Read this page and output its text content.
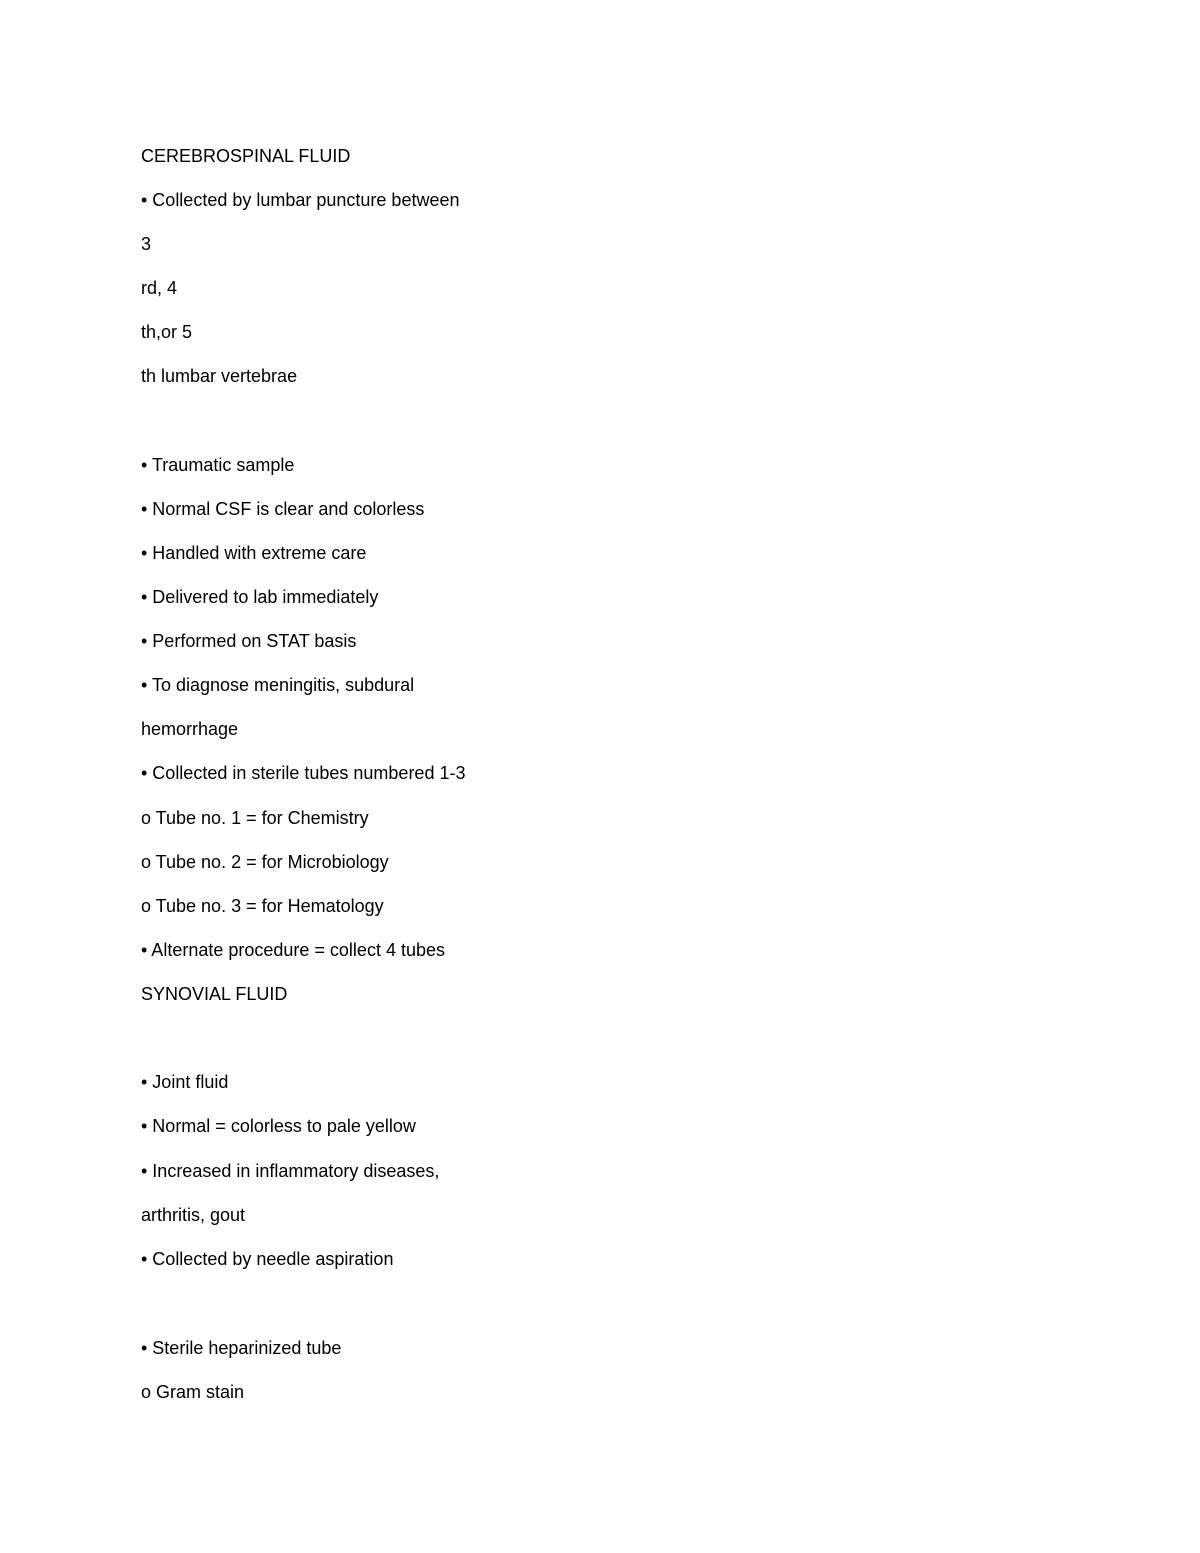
CEREBROSPINAL FLUID
• Collected by lumbar puncture between
3
rd, 4
th,or 5
th lumbar vertebrae
• Traumatic sample
• Normal CSF is clear and colorless
• Handled with extreme care
• Delivered to lab immediately
• Performed on STAT basis
• To diagnose meningitis, subdural
hemorrhage
• Collected in sterile tubes numbered 1-3
o Tube no. 1 = for Chemistry
o Tube no. 2 = for Microbiology
o Tube no. 3 = for Hematology
• Alternate procedure = collect 4 tubes
SYNOVIAL FLUID
• Joint fluid
• Normal = colorless to pale yellow
• Increased in inflammatory diseases,
arthritis, gout
• Collected by needle aspiration
• Sterile heparinized tube
o Gram stain
